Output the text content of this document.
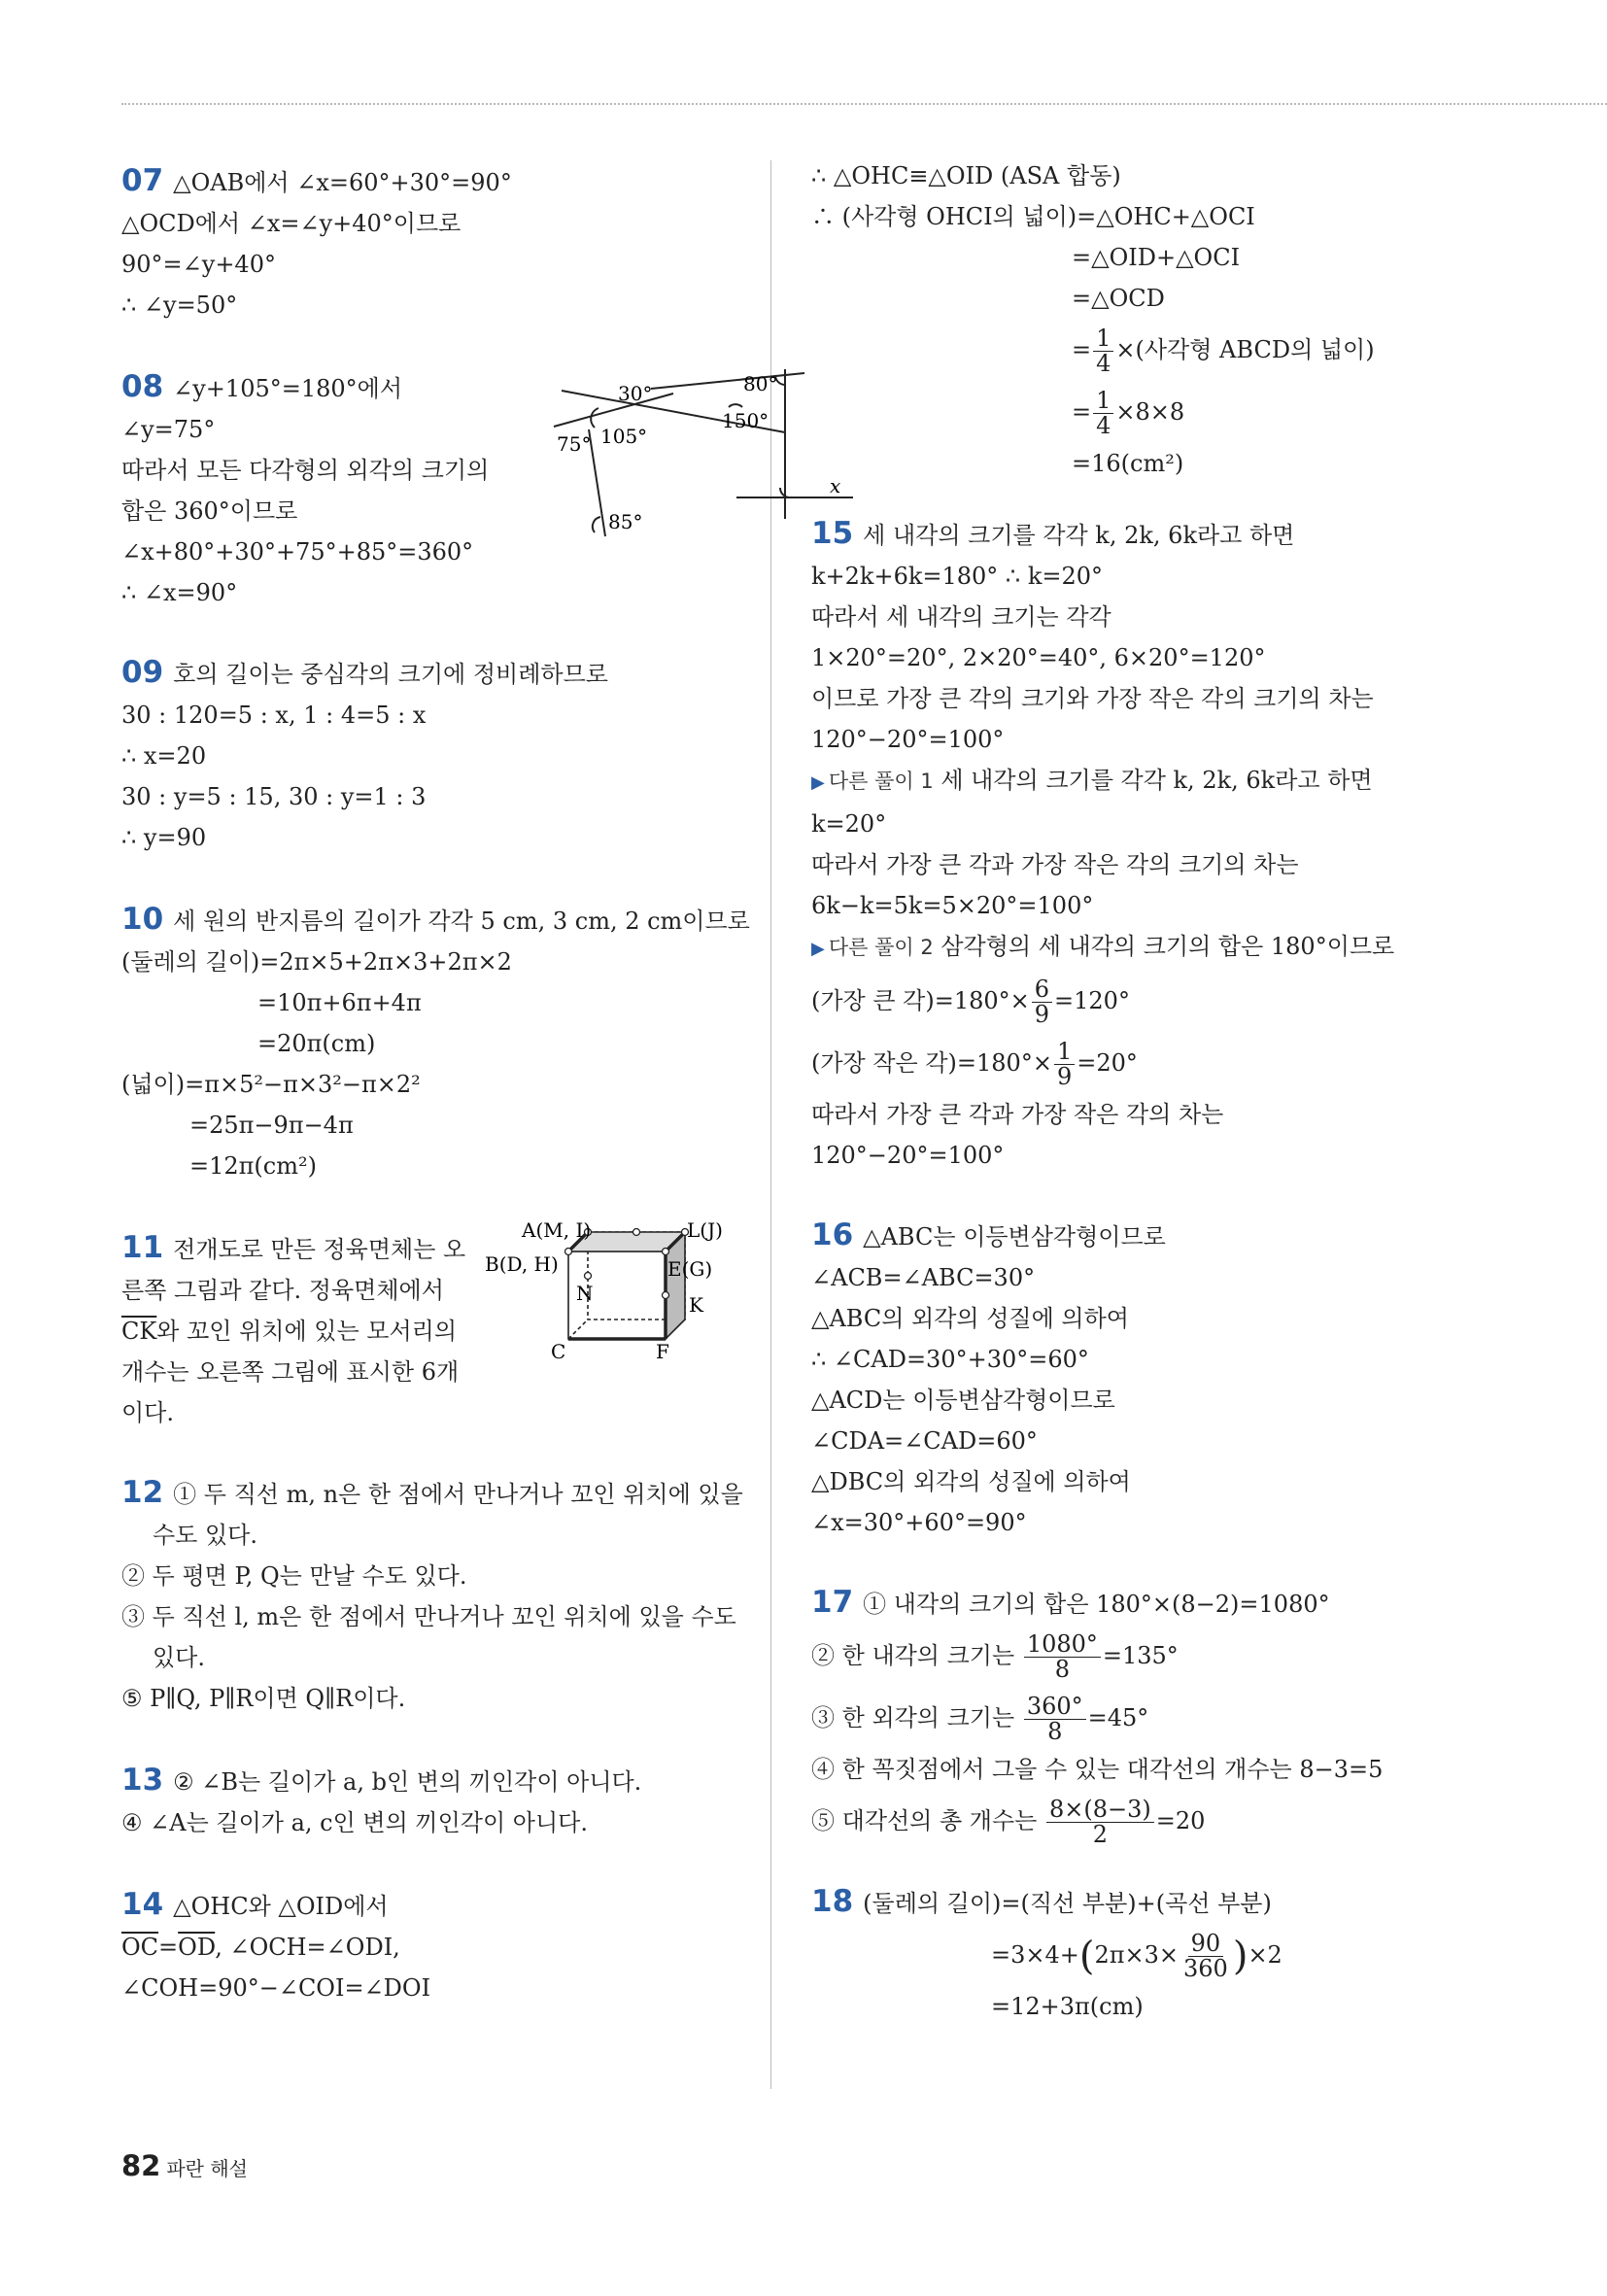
07 △OAB에서 ∠x=60°+30°=90°
△OCD에서 ∠x=∠y+40°이므로
90°=∠y+40°
∴ ∠y=50°
08 ∠y+105°=180°에서
∠y=75°
따라서 모든 다각형의 외각의 크기의
합은 360°이므로
∠x+80°+30°+75°+85°=360°
∴ ∠x=90°
30°	80°
150°
75° 105°
x
85°
09 호의 길이는 중심각의 크기에 정비례하므로
30 : 120=5 : x, 1 : 4=5 : x
∴ x=20
30 : y=5 : 15, 30 : y=1 : 3
∴ y=90
10 세 원의 반지름의 길이가 각각 5 cm, 3 cm, 2 cm이므로
(둘레의 길이)=2π×5+2π×3+2π×2
=10π+6π+4π
=20π(cm)
(넓이)=π×5²−π×3²−π×2²
=25π−9π−4π
=12π(cm²)
11 전개도로 만든 정육면체는 오
른쪽 그림과 같다. 정육면체에서
$\overline{CK}$와 꼬인 위치에 있는 모서리의
개수는 오른쪽 그림에 표시한 6개
이다.
A(M, I)	L(J)
B(D, H)	E(G)
N	K
C	F
12 ① 두 직선 m, n은 한 점에서 만나거나 꼬인 위치에 있을
수도 있다.
② 두 평면 P, Q는 만날 수도 있다.
③ 두 직선 l, m은 한 점에서 만나거나 꼬인 위치에 있을 수도
있다.
⑤ P∥Q, P∥R이면 Q∥R이다.
13 ② ∠B는 길이가 a, b인 변의 끼인각이 아니다.
④ ∠A는 길이가 a, c인 변의 끼인각이 아니다.
14 △OHC와 △OID에서
$\overline{OC}=\overline{OD}$, ∠OCH=∠ODI,
∠COH=90°−∠COI=∠DOI
∴ △OHC≡△OID (ASA 합동)
∴ (사각형 OHCI의 넓이)=△OHC+△OCI
=△OID+△OCI
=△OCD
= $\frac{1}{4}$ ×(사각형 ABCD의 넓이)
= $\frac{1}{4} \times 8\times 8$
=16(cm²)
15 세 내각의 크기를 각각 k, 2k, 6k라고 하면
k+2k+6k=180° ∴ k=20°
따라서 세 내각의 크기는 각각
1×20°=20°, 2×20°=40°, 6×20°=120°
이므로 가장 큰 각의 크기와 가장 작은 각의 크기의 차는
120°−20°=100°
▶ 다른 풀이 1 세 내각의 크기를 각각 k, 2k, 6k라고 하면
k=20°
따라서 가장 큰 각과 가장 작은 각의 크기의 차는
6k−k=5k=5×20°=100°
▶ 다른 풀이 2 삼각형의 세 내각의 크기의 합은 180°이므로
(가장 큰 각)$=180^\circ\times \frac{6}{9} =120^\circ$
(가장 작은 각)$=180^\circ\times \frac{1}{9} =20^\circ$
따라서 가장 큰 각과 가장 작은 각의 차는
120°−20°=100°
16 △ABC는 이등변삼각형이므로
∠ACB=∠ABC=30°
△ABC의 외각의 성질에 의하여
∴ ∠CAD=30°+30°=60°
△ACD는 이등변삼각형이므로
∠CDA=∠CAD=60°
△DBC의 외각의 성질에 의하여
∠x=30°+60°=90°
17 ① 내각의 크기의 합은 180°×(8−2)=1080°
② 한 내각의 크기는 $\frac{1080^\circ}{8} =135^\circ$
③ 한 외각의 크기는 $\frac{360^\circ}{8} =45^\circ$
④ 한 꼭짓점에서 그을 수 있는 대각선의 개수는 8−3=5
⑤ 대각선의 총 개수는 $\frac{8\times(8-3)}{2} =20$
18 (둘레의 길이)=(직선 부분)+(곡선 부분)
$=3\times 4+(2\pi\times 3\times \frac{90}{360} )\times 2$
=12+3π(cm)
82 파란 해설
